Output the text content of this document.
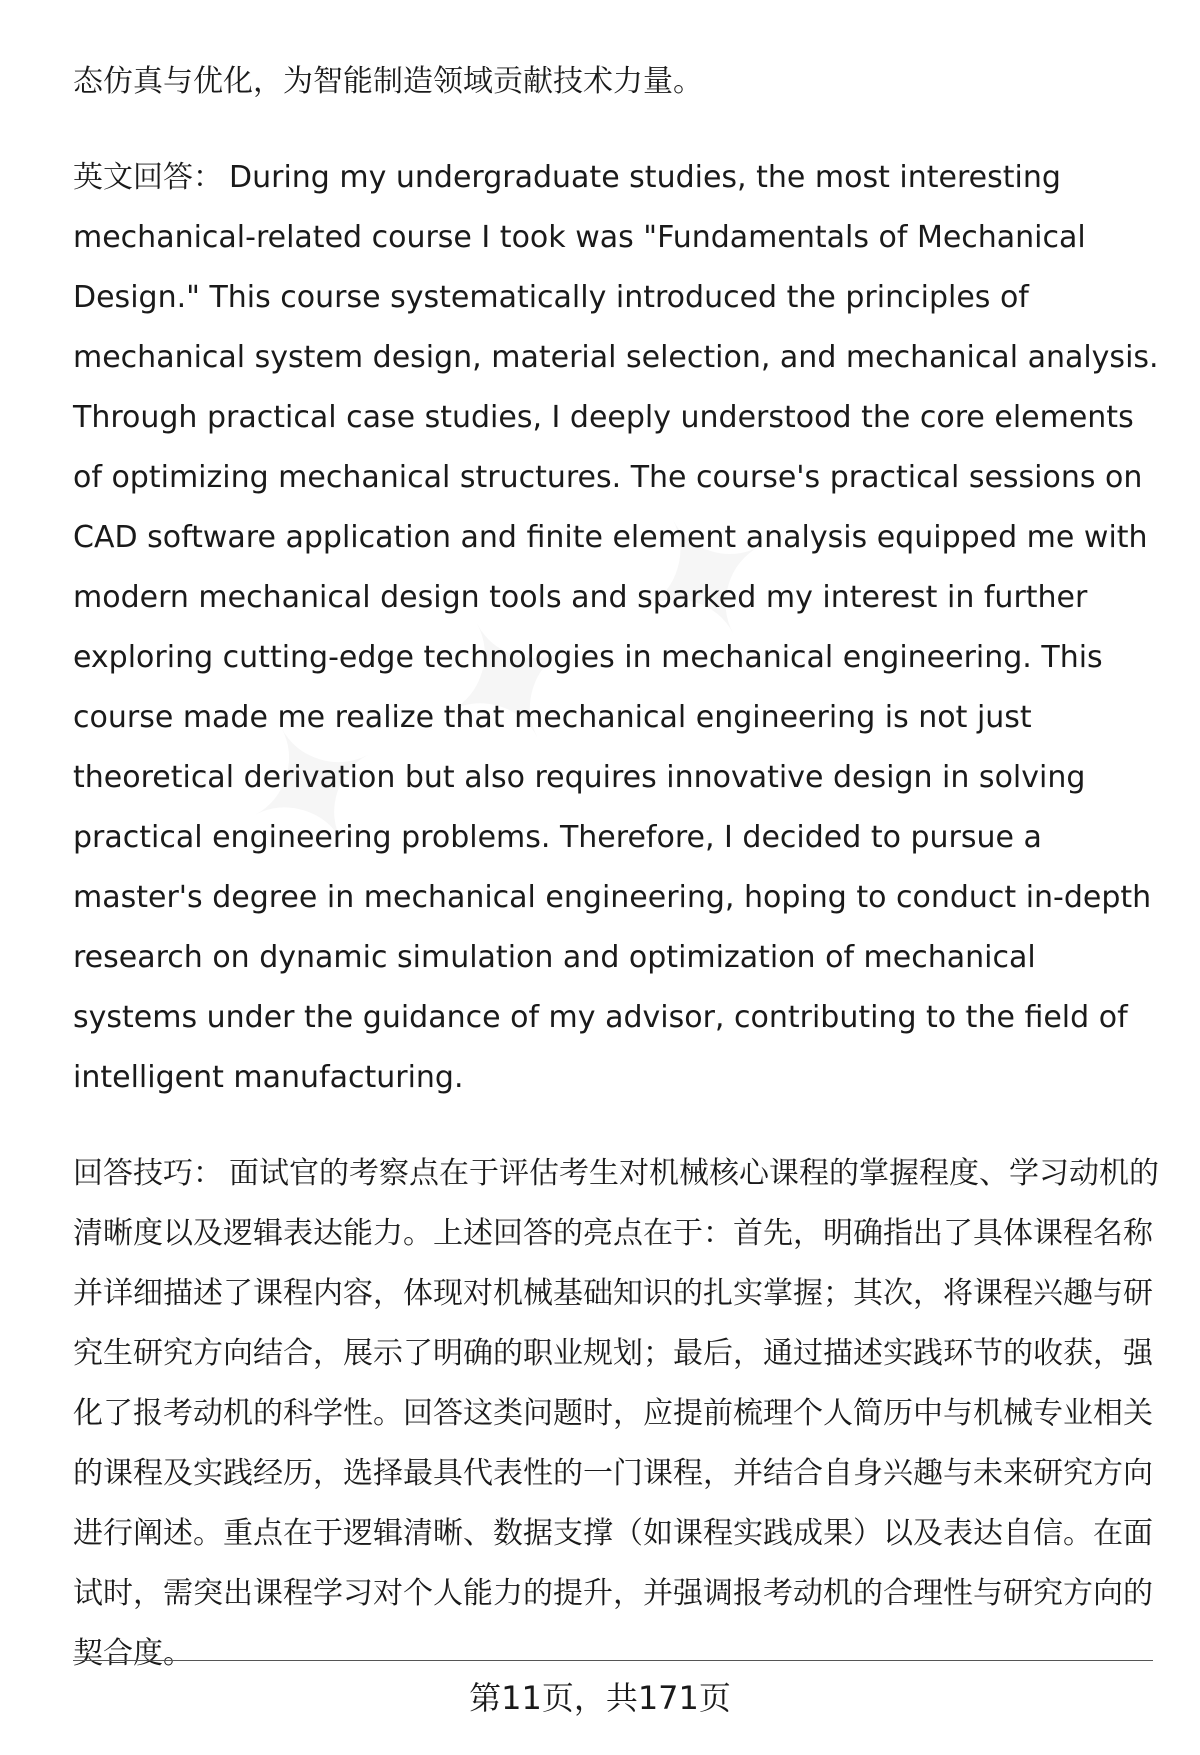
态仿真与优化，为智能制造领域贡献技术力量。

英文回答： During my undergraduate studies, the most interesting mechanical-related course I took was "Fundamentals of Mechanical Design." This course systematically introduced the principles of mechanical system design, material selection, and mechanical analysis. Through practical case studies, I deeply understood the core elements of optimizing mechanical structures. The course's practical sessions on CAD software application and finite element analysis equipped me with modern mechanical design tools and sparked my interest in further exploring cutting-edge technologies in mechanical engineering. This course made me realize that mechanical engineering is not just theoretical derivation but also requires innovative design in solving practical engineering problems. Therefore, I decided to pursue a master's degree in mechanical engineering, hoping to conduct in-depth research on dynamic simulation and optimization of mechanical systems under the guidance of my advisor, contributing to the field of intelligent manufacturing.

回答技巧： 面试官的考察点在于评估考生对机械核心课程的掌握程度、学习动机的清晰度以及逻辑表达能力。上述回答的亮点在于：首先，明确指出了具体课程名称并详细描述了课程内容，体现对机械基础知识的扎实掌握；其次，将课程兴趣与研究生研究方向结合，展示了明确的职业规划；最后，通过描述实践环节的收获，强化了报考动机的科学性。回答这类问题时，应提前梳理个人简历中与机械专业相关的课程及实践经历，选择最具代表性的一门课程，并结合自身兴趣与未来研究方向进行阐述。重点在于逻辑清晰、数据支撑（如课程实践成果）以及表达自信。在面试时，需突出课程学习对个人能力的提升，并强调报考动机的合理性与研究方向的契合度。

第11页，共171页
